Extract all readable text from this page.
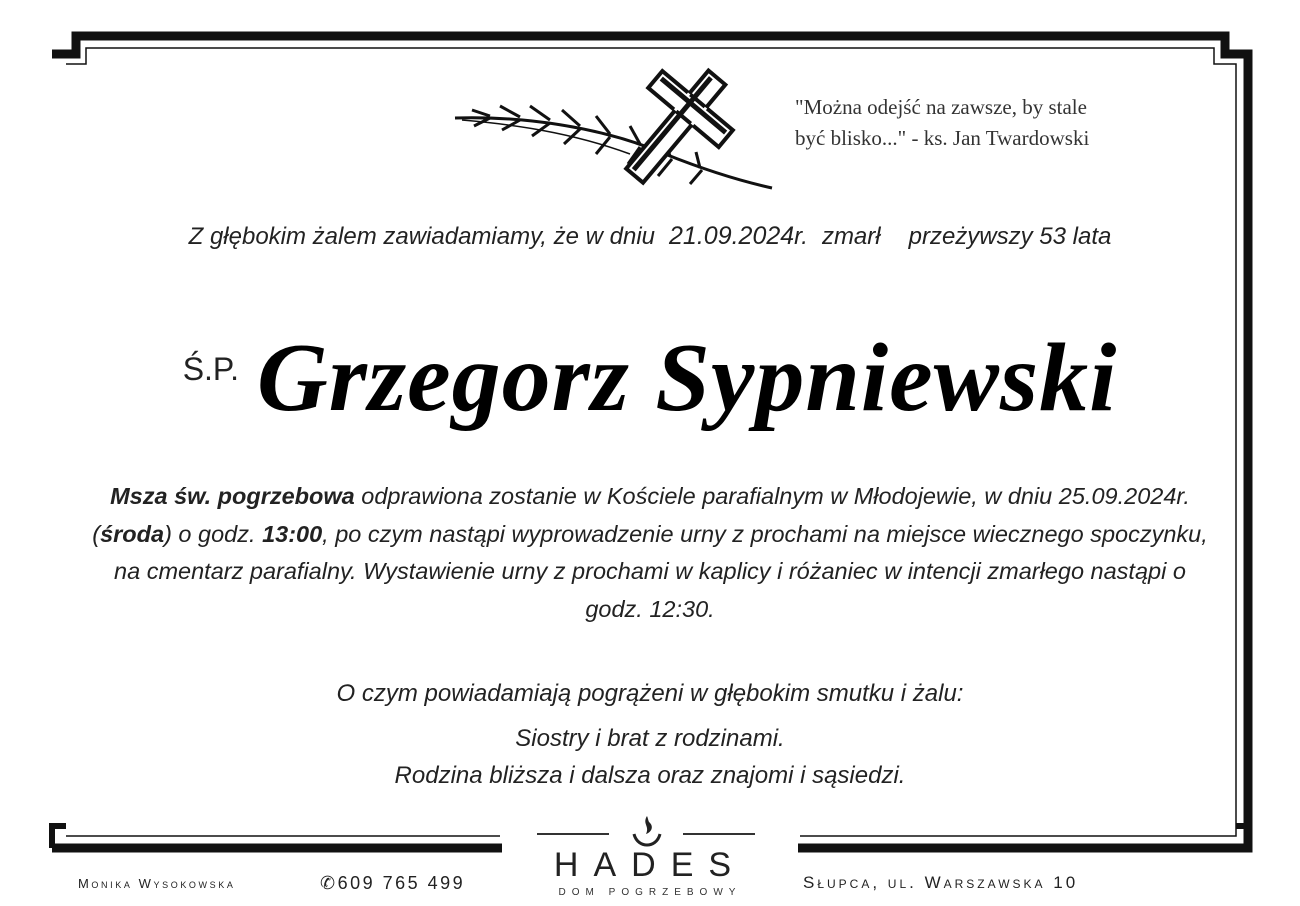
"Można odejść na zawsze, by stale
być blisko..." - ks. Jan Twardowski
Z głębokim żalem zawiadamiamy, że w dniu 21.09.2024r. zmarł przeżywszy 53 lata
Ś.P. Grzegorz Sypniewski
Msza św. pogrzebowa odprawiona zostanie w Kościele parafialnym w Młodojewie, w dniu 25.09.2024r. (środa) o godz. 13:00, po czym nastąpi wyprowadzenie urny z prochami na miejsce wiecznego spoczynku, na cmentarz parafialny. Wystawienie urny z prochami w kaplicy i różaniec w intencji zmarłego nastąpi o godz. 12:30.
O czym powiadamiają pogrążeni w głębokim smutku i żalu:
Siostry i brat z rodzinami.
Rodzina bliższa i dalsza oraz znajomi i sąsiedzi.
Monika Wysokowska	✆609 765 499	HADES
DOM POGRZEBOWY
Słupca, ul. Warszawska 10
